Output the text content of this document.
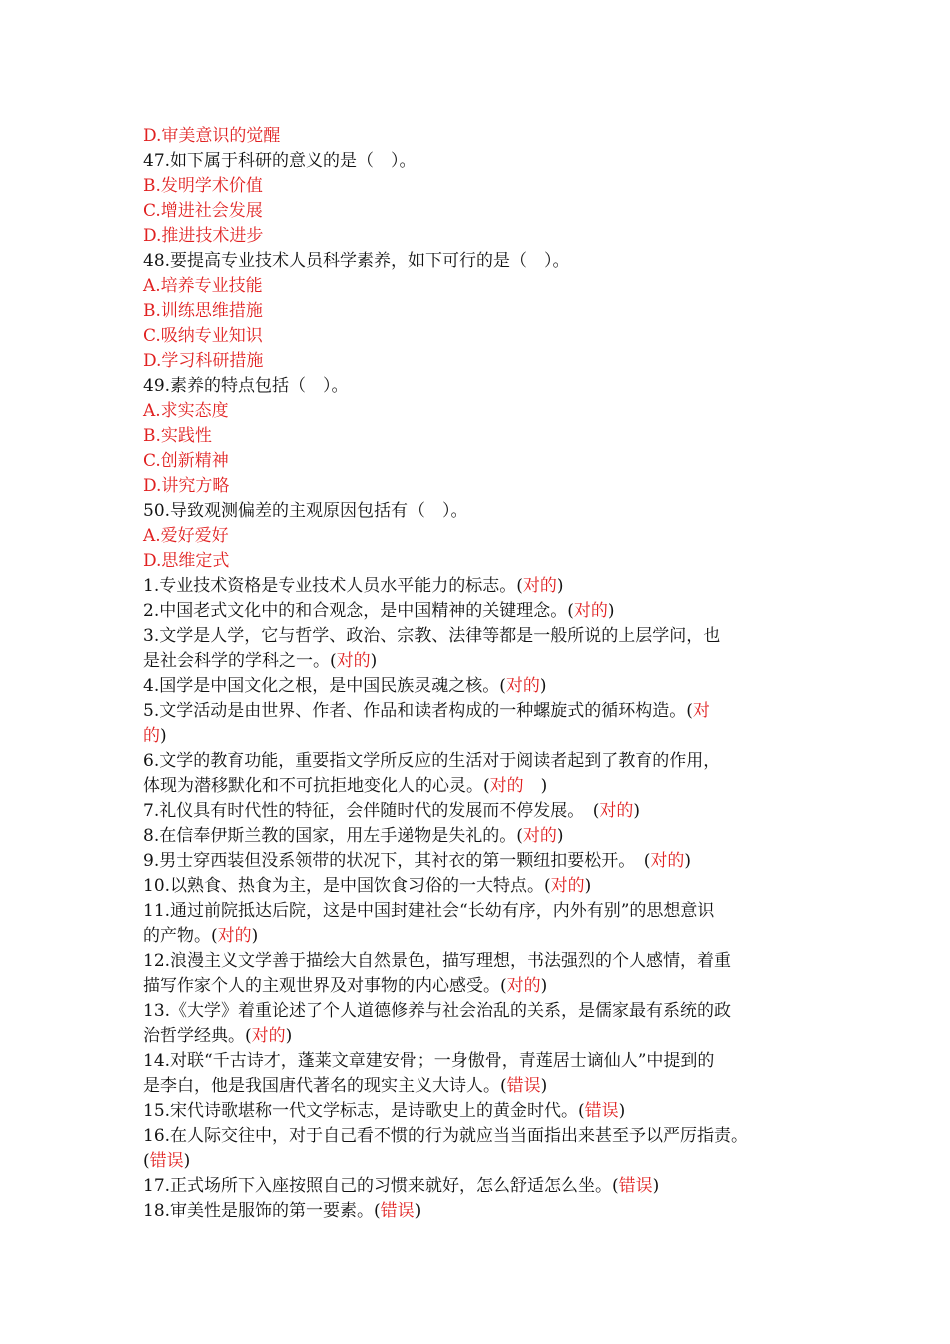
D.审美意识的觉醒
47.如下属于科研的意义的是（　）。
B.发明学术价值
C.增进社会发展
D.推进技术进步
48.要提高专业技术人员科学素养，如下可行的是（　）。
A.培养专业技能
B.训练思维措施
C.吸纳专业知识
D.学习科研措施
49.素养的特点包括（　）。
A.求实态度
B.实践性
C.创新精神
D.讲究方略
50.导致观测偏差的主观原因包括有（　）。
A.爱好爱好
D.思维定式
1.专业技术资格是专业技术人员水平能力的标志。(对的)
2.中国老式文化中的和合观念，是中国精神的关键理念。(对的)
3.文学是人学，它与哲学、政治、宗教、法律等都是一般所说的上层学问，也
是社会科学的学科之一。(对的)
4.国学是中国文化之根，是中国民族灵魂之核。(对的)
5.文学活动是由世界、作者、作品和读者构成的一种螺旋式的循环构造。(对
的)
6.文学的教育功能，重要指文学所反应的生活对于阅读者起到了教育的作用，
体现为潜移默化和不可抗拒地变化人的心灵。(对的　)
7.礼仪具有时代性的特征，会伴随时代的发展而不停发展。　(对的)
8.在信奉伊斯兰教的国家，用左手递物是失礼的。(对的)
9.男士穿西装但没系领带的状况下，其衬衣的第一颗纽扣要松开。　(对的)
10.以熟食、热食为主，是中国饮食习俗的一大特点。(对的)
11.通过前院抵达后院，这是中国封建社会“长幼有序，内外有别”的思想意识
的产物。(对的)
12.浪漫主义文学善于描绘大自然景色，描写理想，书法强烈的个人感情，着重
描写作家个人的主观世界及对事物的内心感受。(对的)
13.《大学》着重论述了个人道德修养与社会治乱的关系，是儒家最有系统的政
治哲学经典。(对的)
14.对联“千古诗才，蓬莱文章建安骨；一身傲骨，青莲居士谪仙人”中提到的
是李白，他是我国唐代著名的现实主义大诗人。(错误)
15.宋代诗歌堪称一代文学标志，是诗歌史上的黄金时代。(错误)
16.在人际交往中，对于自己看不惯的行为就应当当面指出来甚至予以严厉指责。
(错误)
17.正式场所下入座按照自己的习惯来就好，怎么舒适怎么坐。(错误)
18.审美性是服饰的第一要素。(错误)
